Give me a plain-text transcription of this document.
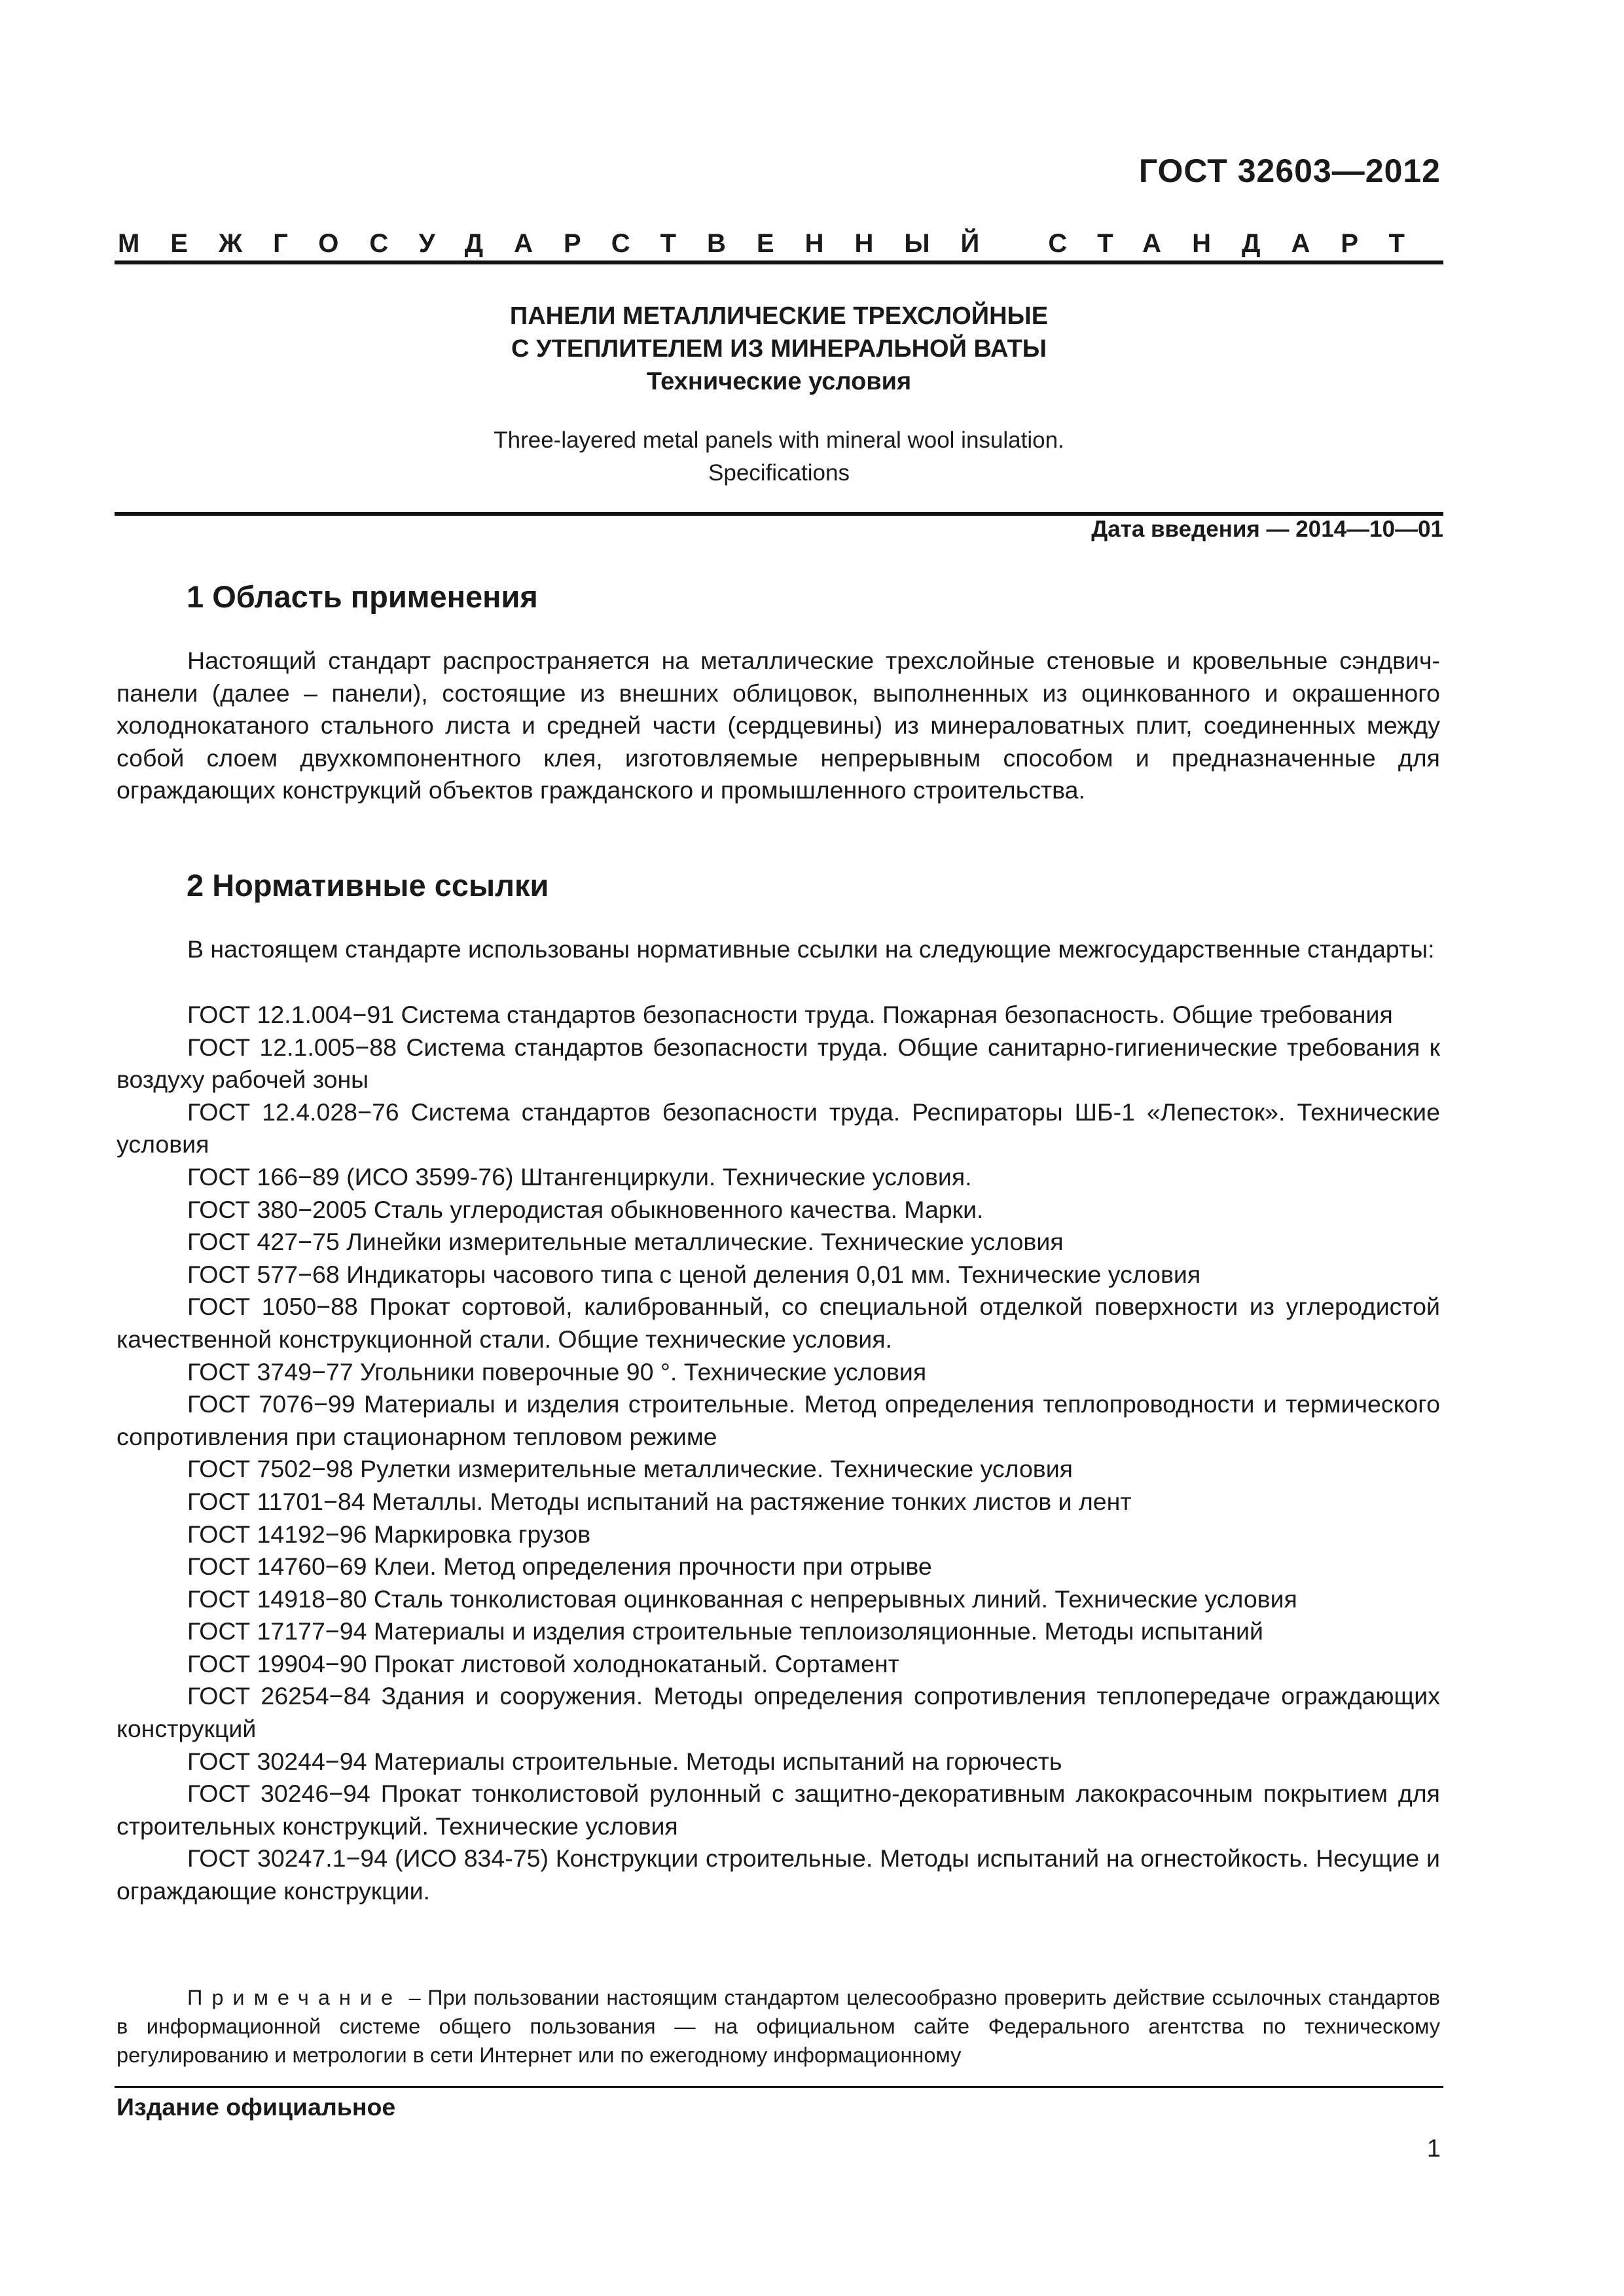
ГОСТ 32603—2012
МЕЖГОСУДАРСТВЕННЫЙ СТАНДАРТ
ПАНЕЛИ МЕТАЛЛИЧЕСКИЕ ТРЕХСЛОЙНЫЕ
С УТЕПЛИТЕЛЕМ ИЗ МИНЕРАЛЬНОЙ ВАТЫ
Технические условия
Three-layered metal panels with mineral wool insulation.
Specifications
Дата введения — 2014—10—01
1 Область применения
Настоящий стандарт распространяется на металлические трехслойные стеновые и кровельные сэндвич-панели (далее – панели), состоящие из внешних облицовок, выполненных из оцинкованного и окрашенного холоднокатаного стального листа и средней части (сердцевины) из минераловатных плит, соединенных между собой слоем двухкомпонентного клея, изготовляемые непрерывным способом и предназначенные для ограждающих конструкций объектов гражданского и промышленного строительства.
2 Нормативные ссылки
В настоящем стандарте использованы нормативные ссылки на следующие межгосударственные стандарты:

ГОСТ 12.1.004−91 Система стандартов безопасности труда. Пожарная безопасность. Общие требования

ГОСТ 12.1.005−88 Система стандартов безопасности труда. Общие санитарно-гигиенические требования к воздуху рабочей зоны

ГОСТ 12.4.028−76 Система стандартов безопасности труда. Респираторы ШБ-1 «Лепесток». Технические условия

ГОСТ 166−89 (ИСО 3599-76) Штангенциркули. Технические условия.

ГОСТ 380−2005 Сталь углеродистая обыкновенного качества. Марки.

ГОСТ 427−75 Линейки измерительные металлические. Технические условия

ГОСТ 577−68 Индикаторы часового типа с ценой деления 0,01 мм. Технические условия

ГОСТ 1050−88 Прокат сортовой, калиброванный, со специальной отделкой поверхности из углеродистой качественной конструкционной стали. Общие технические условия.

ГОСТ 3749−77 Угольники поверочные 90 °. Технические условия

ГОСТ 7076−99 Материалы и изделия строительные. Метод определения теплопроводности и термического сопротивления при стационарном тепловом режиме

ГОСТ 7502−98 Рулетки измерительные металлические. Технические условия

ГОСТ 11701−84 Металлы. Методы испытаний на растяжение тонких листов и лент

ГОСТ 14192−96 Маркировка грузов

ГОСТ 14760−69 Клеи. Метод определения прочности при отрыве

ГОСТ 14918−80 Сталь тонколистовая оцинкованная с непрерывных линий. Технические условия

ГОСТ 17177−94 Материалы и изделия строительные теплоизоляционные. Методы испытаний

ГОСТ 19904−90 Прокат листовой холоднокатаный. Сортамент

ГОСТ 26254−84 Здания и сооружения. Методы определения сопротивления теплопередаче ограждающих конструкций

ГОСТ 30244−94 Материалы строительные. Методы испытаний на горючесть

ГОСТ 30246−94 Прокат тонколистовой рулонный с защитно-декоративным лакокрасочным покрытием для строительных конструкций. Технические условия

ГОСТ 30247.1−94 (ИСО 834-75) Конструкции строительные. Методы испытаний на огнестойкость. Несущие и ограждающие конструкции.

Примечание – При пользовании настоящим стандартом целесообразно проверить действие ссылочных стандартов в информационной системе общего пользования — на официальном сайте Федерального агентства по техническому регулированию и метрологии в сети Интернет или по ежегодному информационному
Издание официальное
1
